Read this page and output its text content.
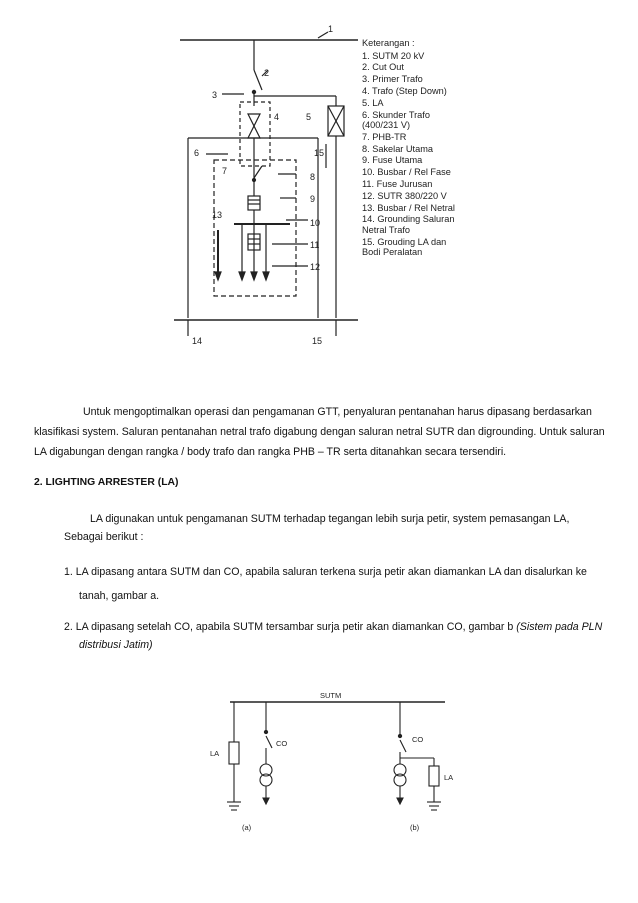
1
2
3
4	5
6
7
8
9
10
11
12
13
14	15
15
Keterangan :
1. SUTM 20 kV
2. Cut Out
3. Primer Trafo
4. Trafo (Step Down)
5. LA
6. Skunder Trafo
(400/231 V)
7. PHB-TR
8. Sakelar Utama
9. Fuse Utama
10. Busbar / Rel Fase
11. Fuse Jurusan
12. SUTR 380/220 V
13. Busbar / Rel Netral
14. Grounding Saluran
Netral Trafo
15. Grouding LA dan
Bodi Peralatan
Untuk mengoptimalkan operasi dan pengamanan GTT, penyaluran pentanahan harus dipasang berdasarkan klasifikasi system. Saluran pentanahan netral trafo digabung dengan saluran netral SUTR dan digrounding. Untuk saluran LA digabungan dengan rangka / body trafo dan rangka PHB – TR serta ditanahkan secara tersendiri.
2. LIGHTING ARRESTER (LA)
LA digunakan untuk pengamanan SUTM terhadap tegangan lebih surja petir, system pemasangan LA,
Sebagai berikut :
1. LA dipasang antara SUTM dan CO, apabila saluran terkena surja petir akan diamankan LA dan disalurkan ke
tanah, gambar a.
2. LA dipasang setelah CO, apabila SUTM tersambar surja petir akan diamankan CO, gambar b (Sistem pada PLN
distribusi Jatim)
SUTM
LA
CO	CO
LA
(a)	(b)
